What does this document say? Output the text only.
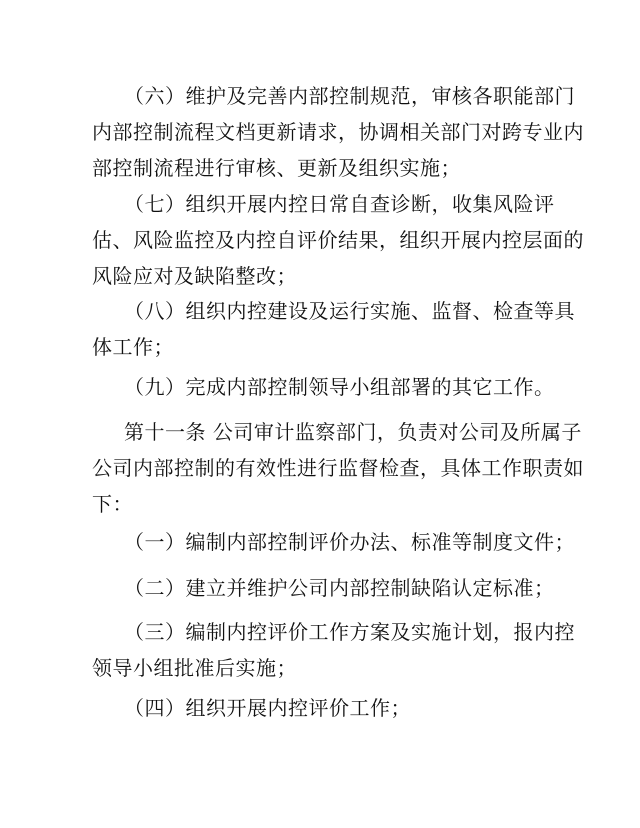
（六）维护及完善内部控制规范，审核各职能部门
内部控制流程文档更新请求，协调相关部门对跨专业内
部控制流程进行审核、更新及组织实施；

（七）组织开展内控日常自查诊断，收集风险评
估、风险监控及内控自评价结果，组织开展内控层面的
风险应对及缺陷整改；

（八）组织内控建设及运行实施、监督、检查等具
体工作；

（九）完成内部控制领导小组部署的其它工作。

第十一条 公司审计监察部门，负责对公司及所属子
公司内部控制的有效性进行监督检查，具体工作职责如
下：

（一）编制内部控制评价办法、标准等制度文件；

（二）建立并维护公司内部控制缺陷认定标准；

（三）编制内控评价工作方案及实施计划，报内控
领导小组批准后实施；

（四）组织开展内控评价工作；
